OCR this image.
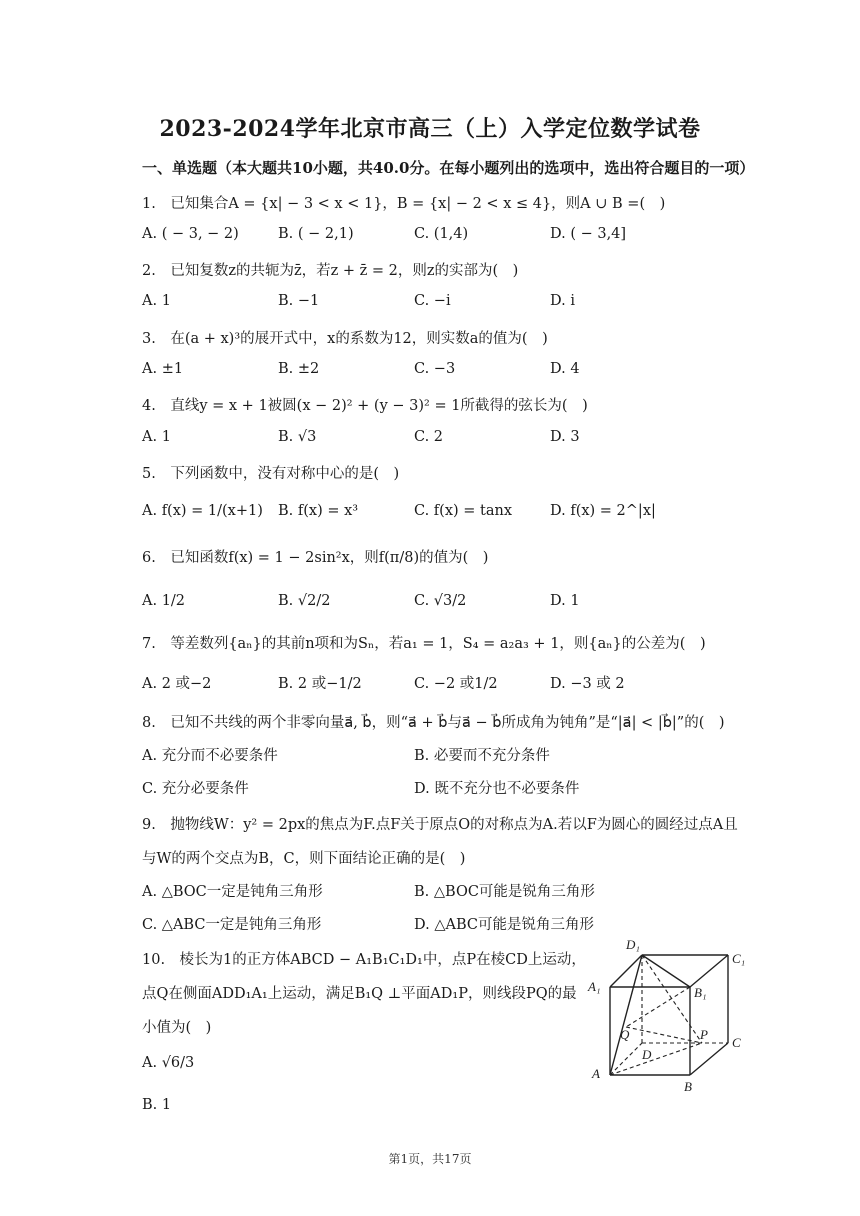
2023-2024学年北京市高三（上）入学定位数学试卷
一、单选题（本大题共10小题，共40.0分。在每小题列出的选项中，选出符合题目的一项）
1.　已知集合A = {x| − 3 < x < 1}，B = {x| − 2 < x ≤ 4}，则A ∪ B =(　)
A. ( − 3, − 2)	B. ( − 2,1)	C. (1,4)	D. ( − 3,4]
2.　已知复数z的共轭为z̄，若z + z̄ = 2，则z的实部为(　)
A. 1	B. −1	C. −i	D. i
3.　在(a + x)³的展开式中，x的系数为12，则实数a的值为(　)
A. ±1	B. ±2	C. −3	D. 4
4.　直线y = x + 1被圆(x − 2)² + (y − 3)² = 1所截得的弦长为(　)
A. 1	B. √3	C. 2	D. 3
5.　下列函数中，没有对称中心的是(　)
A. f(x) = 1/(x+1) B. f(x) = x³	C. f(x) = tanx	D. f(x) = 2^|x|
6.　已知函数f(x) = 1 − 2sin²x，则f(π/8)的值为(　)
A. 1/2	B. √2/2	C. √3/2	D. 1
7.　等差数列{aₙ}的其前n项和为Sₙ，若a₁ = 1，S₄ = a₂a₃ + 1，则{aₙ}的公差为(　)
A. 2 或−2	B. 2 或−1/2	C. −2 或1/2	D. −3 或 2
8.　已知不共线的两个非零向量a⃗, b⃗，则“a⃗ + b⃗与a⃗ − b⃗所成角为钝角”是“|a⃗| < |b⃗|”的(　)
A. 充分而不必要条件	B. 必要而不充分条件
C. 充分必要条件	D. 既不充分也不必要条件
9.　抛物线W：y² = 2px的焦点为F.点F关于原点O的对称点为A.若以F为圆心的圆经过点A且
与W的两个交点为B，C，则下面结论正确的是(　)
A. △BOC一定是钝角三角形	B. △BOC可能是锐角三角形
C. △ABC一定是钝角三角形	D. △ABC可能是锐角三角形
10.　棱长为1的正方体ABCD − A₁B₁C₁D₁中，点P在棱CD上运动，
点Q在侧面ADD₁A₁上运动，满足B₁Q ⊥平面AD₁P，则线段PQ的最
小值为(　)
A. √6/3
B. 1
D₁
C₁
A₁	B₁
Q
D
P
C
A
B
第1页，共17页
